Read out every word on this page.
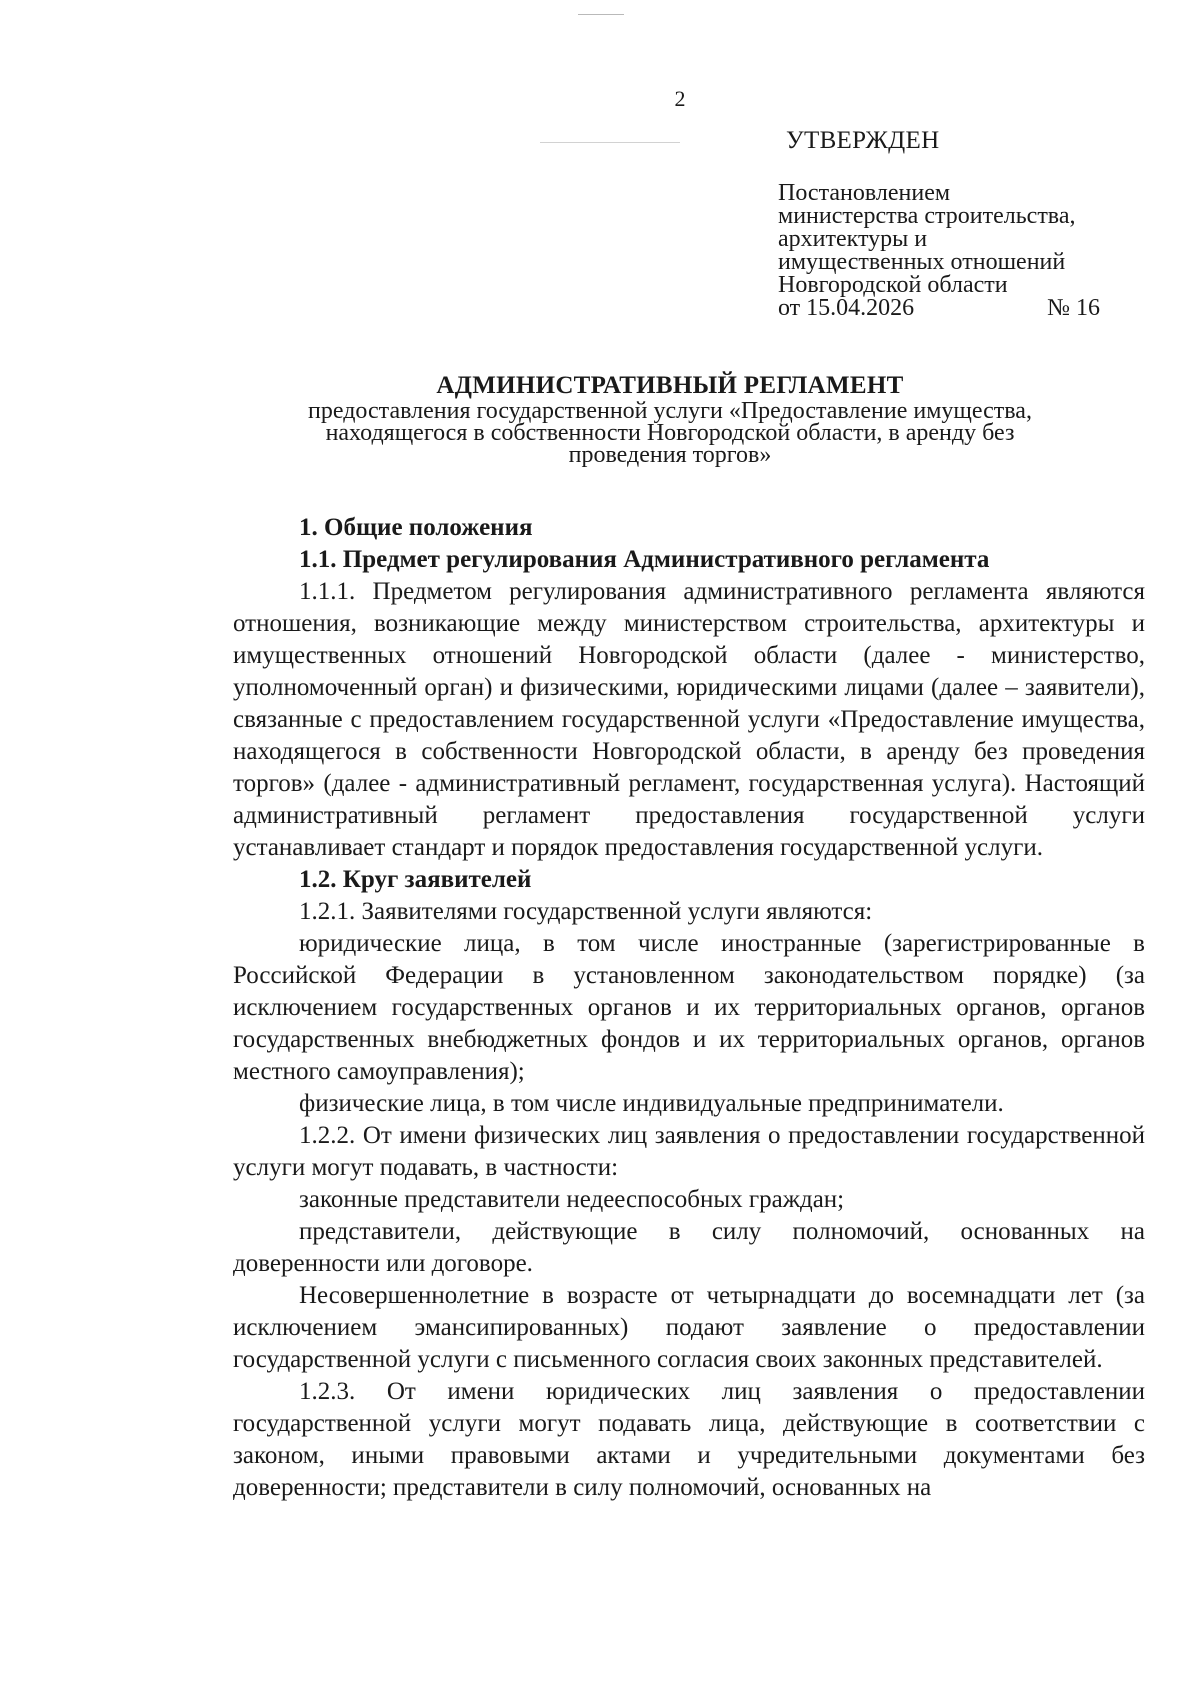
2
УТВЕРЖДЕН
Постановлением
министерства строительства,
архитектуры и
имущественных отношений
Новгородской области
от 15.04.2026	№ 16
АДМИНИСТРАТИВНЫЙ РЕГЛАМЕНТ
предоставления государственной услуги «Предоставление имущества,
находящегося в собственности Новгородской области, в аренду без
проведения торгов»
1. Общие положения
1.1. Предмет регулирования Административного регламента

1.1.1. Предметом регулирования административного регламента являются отношения, возникающие между министерством строительства, архитектуры и имущественных отношений Новгородской области (далее - министерство, уполномоченный орган) и физическими, юридическими лицами (далее – заявители), связанные с предоставлением государственной услуги «Предоставление имущества, находящегося в собственности Новгородской области, в аренду без проведения торгов» (далее - административный регламент, государственная услуга). Настоящий административный регламент предоставления государственной услуги устанавливает стандарт и порядок предоставления государственной услуги.

1.2. Круг заявителей

1.2.1. Заявителями государственной услуги являются:

юридические лица, в том числе иностранные (зарегистрированные в Российской Федерации в установленном законодательством порядке) (за исключением государственных органов и их территориальных органов, органов государственных внебюджетных фондов и их территориальных органов, органов местного самоуправления);

физические лица, в том числе индивидуальные предприниматели.

1.2.2. От имени физических лиц заявления о предоставлении государственной услуги могут подавать, в частности:

законные представители недееспособных граждан;

представители, действующие в силу полномочий, основанных на доверенности или договоре.

Несовершеннолетние в возрасте от четырнадцати до восемнадцати лет (за исключением эмансипированных) подают заявление о предоставлении государственной услуги с письменного согласия своих законных представителей.

1.2.3. От имени юридических лиц заявления о предоставлении государственной услуги могут подавать лица, действующие в соответствии с законом, иными правовыми актами и учредительными документами без доверенности; представители в силу полномочий, основанных на
